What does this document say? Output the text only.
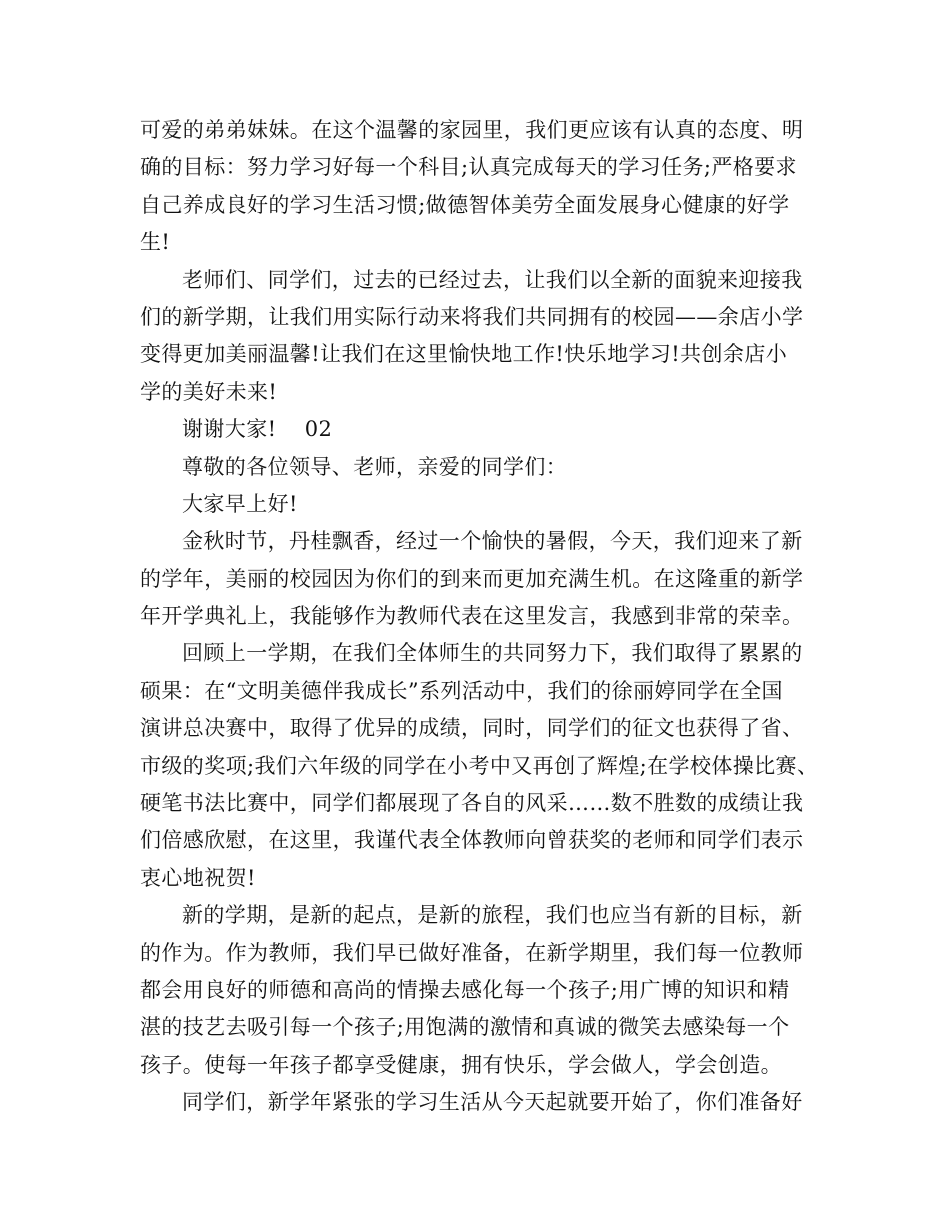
可爱的弟弟妹妹。在这个温馨的家园里，我们更应该有认真的态度、明
确的目标：努力学习好每一个科目;认真完成每天的学习任务;严格要求
自己养成良好的学习生活习惯;做德智体美劳全面发展身心健康的好学
生!
老师们、同学们，过去的已经过去，让我们以全新的面貌来迎接我
们的新学期，让我们用实际行动来将我们共同拥有的校园——余店小学
变得更加美丽温馨!让我们在这里愉快地工作!快乐地学习!共创余店小
学的美好未来!
谢谢大家!    02
尊敬的各位领导、老师，亲爱的同学们：
大家早上好!
金秋时节，丹桂飘香，经过一个愉快的暑假，今天，我们迎来了新
的学年，美丽的校园因为你们的到来而更加充满生机。在这隆重的新学
年开学典礼上，我能够作为教师代表在这里发言，我感到非常的荣幸。
回顾上一学期，在我们全体师生的共同努力下，我们取得了累累的
硕果：在“文明美德伴我成长”系列活动中，我们的徐丽婷同学在全国
演讲总决赛中，取得了优异的成绩，同时，同学们的征文也获得了省、
市级的奖项;我们六年级的同学在小考中又再创了辉煌;在学校体操比赛、
硬笔书法比赛中，同学们都展现了各自的风采……数不胜数的成绩让我
们倍感欣慰，在这里，我谨代表全体教师向曾获奖的老师和同学们表示
衷心地祝贺!
新的学期，是新的起点，是新的旅程，我们也应当有新的目标，新
的作为。作为教师，我们早已做好准备，在新学期里，我们每一位教师
都会用良好的师德和高尚的情操去感化每一个孩子;用广博的知识和精
湛的技艺去吸引每一个孩子;用饱满的激情和真诚的微笑去感染每一个
孩子。使每一年孩子都享受健康，拥有快乐，学会做人，学会创造。
同学们，新学年紧张的学习生活从今天起就要开始了，你们准备好
